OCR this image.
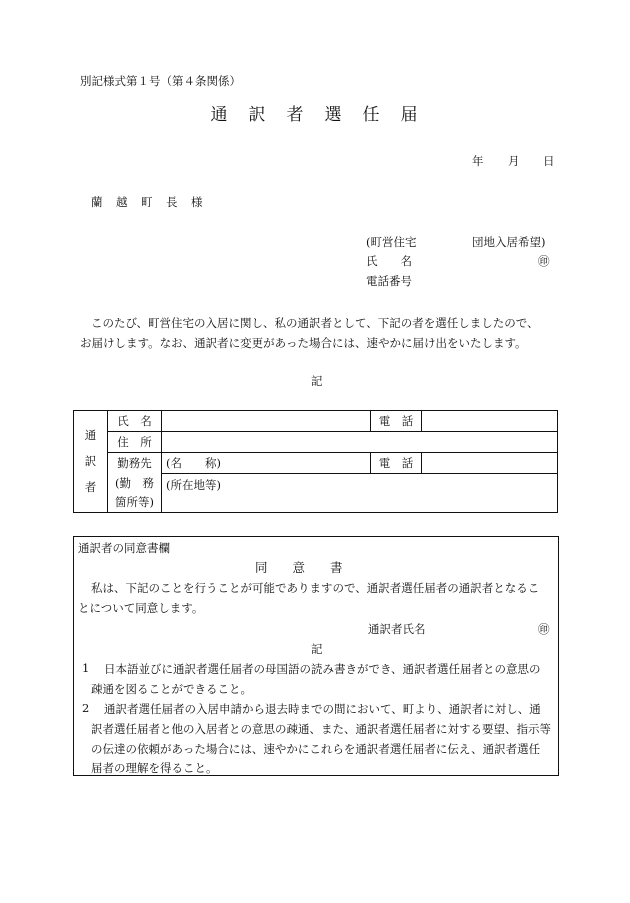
別記様式第１号（第４条関係）
通 訳 者 選 任 届
年 月 日
蘭　越　町　長　様
(町営住宅	団地入居希望)
氏　　名	㊞
電話番号
このたび、町営住宅の入居に関し、私の通訳者として、下記の者を選任しましたので、
お届けします。なお、通訳者に変更があった場合には、速やかに届け出をいたします。
記
通
訳
者	氏　名		電　話	
	住　所			
	勤務先	(名　　称)	電　話	

	(勤　務
箇所等)	(所在地等)		
通訳者の同意書欄
同　　意　　書
私は、下記のことを行うことが可能でありますので、通訳者選任届者の通訳者となるこ
とについて同意します。
通訳者氏名	㊞
記
1 日本語並びに通訳者選任届者の母国語の読み書きができ、通訳者選任届者との意思の
疎通を図ることができること。
2 通訳者選任届者の入居申請から退去時までの間において、町より、通訳者に対し、通
訳者選任届者と他の入居者との意思の疎通、また、通訳者選任届者に対する要望、指示等
の伝達の依頼があった場合には、速やかにこれらを通訳者選任届者に伝え、通訳者選任
届者の理解を得ること。
